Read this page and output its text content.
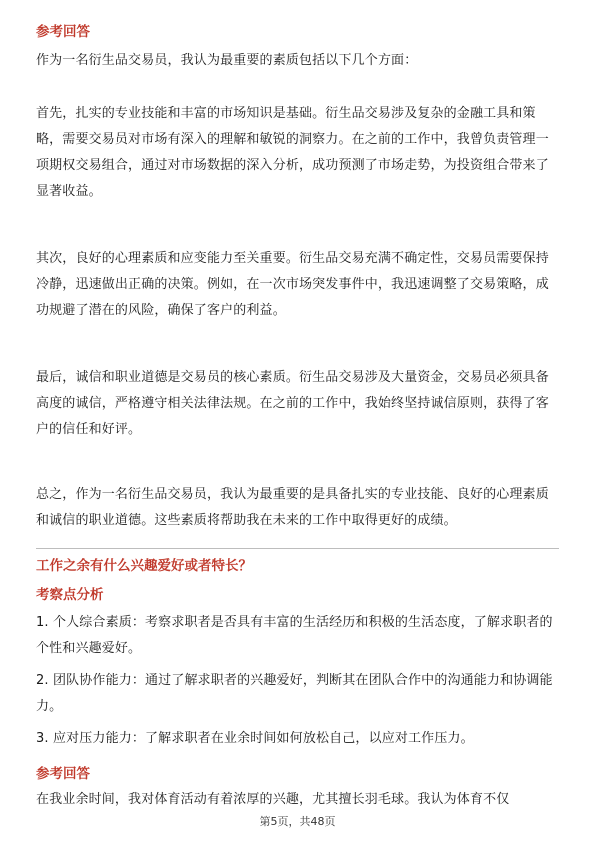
参考回答

作为一名衍生品交易员，我认为最重要的素质包括以下几个方面：

首先，扎实的专业技能和丰富的市场知识是基础。衍生品交易涉及复杂的金融工具和策略，需要交易员对市场有深入的理解和敏锐的洞察力。在之前的工作中，我曾负责管理一项期权交易组合，通过对市场数据的深入分析，成功预测了市场走势，为投资组合带来了显著收益。

其次，良好的心理素质和应变能力至关重要。衍生品交易充满不确定性，交易员需要保持冷静，迅速做出正确的决策。例如，在一次市场突发事件中，我迅速调整了交易策略，成功规避了潜在的风险，确保了客户的利益。

最后，诚信和职业道德是交易员的核心素质。衍生品交易涉及大量资金，交易员必须具备高度的诚信，严格遵守相关法律法规。在之前的工作中，我始终坚持诚信原则，获得了客户的信任和好评。

总之，作为一名衍生品交易员，我认为最重要的是具备扎实的专业技能、良好的心理素质和诚信的职业道德。这些素质将帮助我在未来的工作中取得更好的成绩。

工作之余有什么兴趣爱好或者特长？

考察点分析

1. 个人综合素质：考察求职者是否具有丰富的生活经历和积极的生活态度，了解求职者的个性和兴趣爱好。

2. 团队协作能力：通过了解求职者的兴趣爱好，判断其在团队合作中的沟通能力和协调能力。

3. 应对压力能力：了解求职者在业余时间如何放松自己，以应对工作压力。

参考回答

在我业余时间，我对体育活动有着浓厚的兴趣，尤其擅长羽毛球。我认为体育不仅

第5页，共48页
